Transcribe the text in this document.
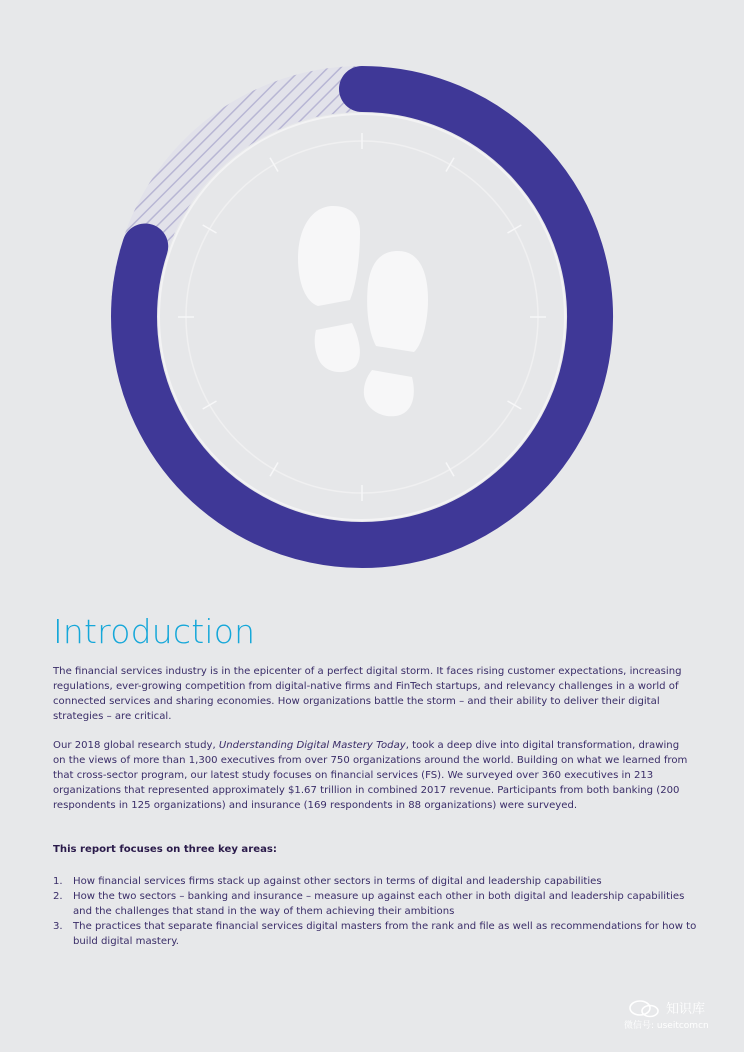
Introduction

The financial services industry is in the epicenter of a perfect digital storm. It faces rising customer expectations, increasing regulations, ever-growing competition from digital-native firms and FinTech startups, and relevancy challenges in a world of connected services and sharing economies. How organizations battle the storm – and their ability to deliver their digital strategies – are critical.

Our 2018 global research study, Understanding Digital Mastery Today, took a deep dive into digital transformation, drawing on the views of more than 1,300 executives from over 750 organizations around the world. Building on what we learned from that cross-sector program, our latest study focuses on financial services (FS). We surveyed over 360 executives in 213 organizations that represented approximately $1.67 trillion in combined 2017 revenue. Participants from both banking (200 respondents in 125 organizations) and insurance (169 respondents in 88 organizations) were surveyed.

This report focuses on three key areas:

1. How financial services firms stack up against other sectors in terms of digital and leadership capabilities
2. How the two sectors – banking and insurance – measure up against each other in both digital and leadership capabilities and the challenges that stand in the way of them achieving their ambitions
3. The practices that separate financial services digital masters from the rank and file as well as recommendations for how to build digital mastery.
知识库
微信号: useitcomcn
